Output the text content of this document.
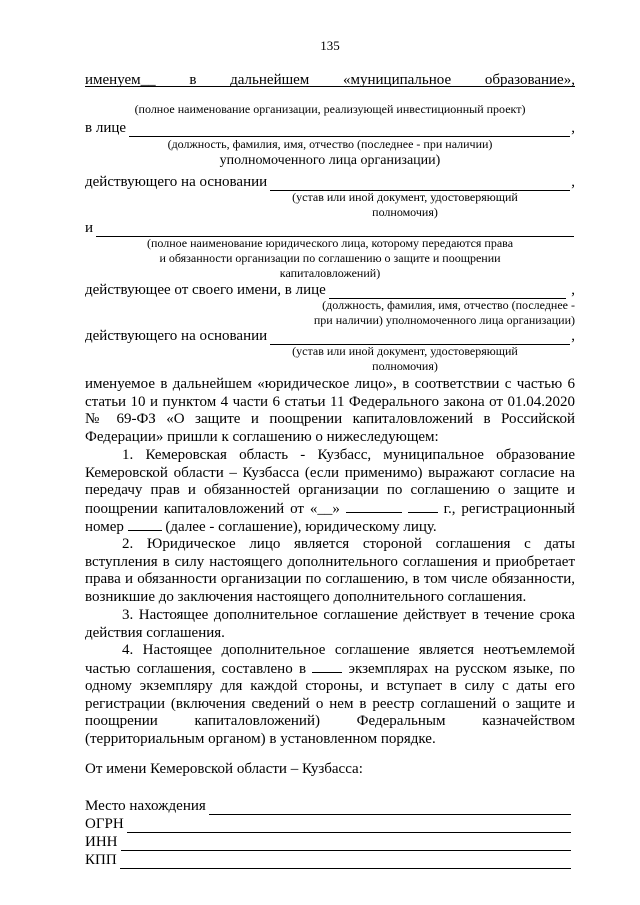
135
именуем__ в дальнейшем «муниципальное образование»,
(полное наименование организации, реализующей инвестиционный проект)
в лице	,
(должность, фамилия, имя, отчество (последнее - при наличии)
уполномоченного лица организации)
действующего на основании	,
(устав или иной документ, удостоверяющий
полномочия)
и
(полное наименование юридического лица, которому передаются права
и обязанности организации по соглашению о защите и поощрении
капиталовложений)
действующее от своего имени, в лице	,
(должность, фамилия, имя, отчество (последнее -
при наличии) уполномоченного лица организации)
действующего на основании	,
(устав или иной документ, удостоверяющий
полномочия)
именуемое в дальнейшем «юридическое лицо», в соответствии с частью 6 статьи 10 и пунктом 4 части 6 статьи 11 Федерального закона от 01.04.2020 № 69-ФЗ «О защите и поощрении капиталовложений в Российской Федерации» пришли к соглашению о нижеследующем:
1. Кемеровская область - Кузбасс, муниципальное образование Кемеровской области – Кузбасса (если применимо) выражают согласие на передачу прав и обязанностей организации по соглашению о защите и поощрении капиталовложений от «__»	г., регистрационный номер	(далее - соглашение), юридическому лицу.
2. Юридическое лицо является стороной соглашения с даты вступления в силу настоящего дополнительного соглашения и приобретает права и обязанности организации по соглашению, в том числе обязанности, возникшие до заключения настоящего дополнительного соглашения.
3. Настоящее дополнительное соглашение действует в течение срока действия соглашения.
4. Настоящее дополнительное соглашение является неотъемлемой частью соглашения, составлено в	экземплярах на русском языке, по одному экземпляру для каждой стороны, и вступает в силу с даты его регистрации (включения сведений о нем в реестр соглашений о защите и поощрении капиталовложений) Федеральным казначейством (территориальным органом) в установленном порядке.
От имени Кемеровской области – Кузбасса:
Место нахождения
ОГРН
ИНН
КПП
